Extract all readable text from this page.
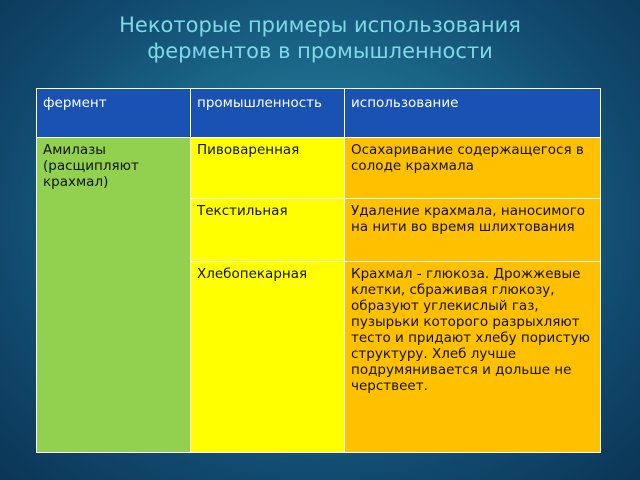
Некоторые примеры использования
ферментов в промышленности
фермент	промышленность	использование
Амилазы (расщипляют крахмал)	Пивоваренная	Осахаривание содержащегося в солоде крахмала
	Текстильная	Удаление крахмала, наносимого на нити во время шлихтования
	Хлебопекарная	Крахмал - глюкоза. Дрожжевые клетки, сбраживая глюкозу, образуют углекислый газ, пузырьки которого разрыхляют тесто и придают хлебу пористую структуру. Хлеб лучше подрумянивается и дольше не черствеет.
